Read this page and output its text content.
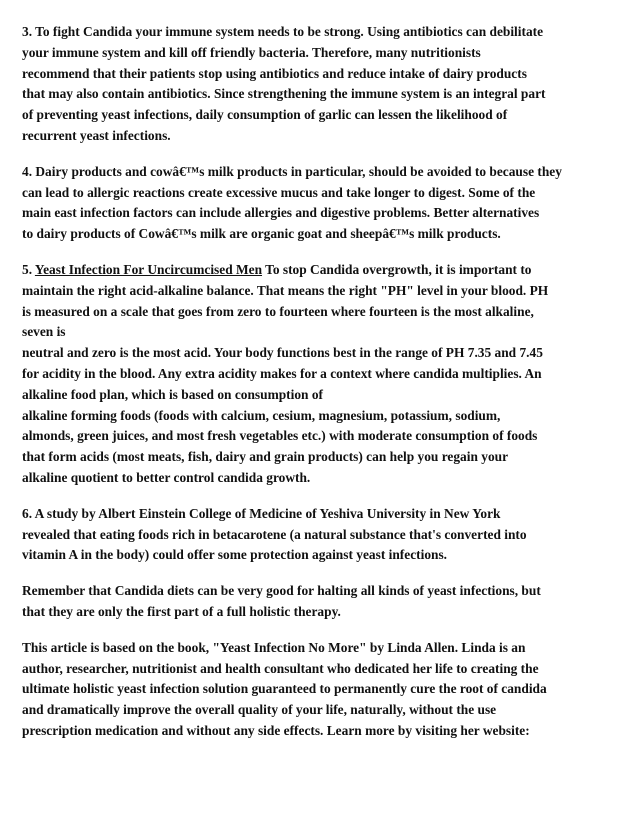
3. To fight Candida your immune system needs to be strong. Using antibiotics can debilitate
your immune system and kill off friendly bacteria. Therefore, many nutritionists
recommend that their patients stop using antibiotics and reduce intake of dairy products
that may also contain antibiotics. Since strengthening the immune system is an integral part
of preventing yeast infections, daily consumption of garlic can lessen the likelihood of
recurrent yeast infections.
4. Dairy products and cowâ€™s milk products in particular, should be avoided to because they
can lead to allergic reactions create excessive mucus and take longer to digest. Some of the
main east infection factors can include allergies and digestive problems. Better alternatives
to dairy products of Cowâ€™s milk are organic goat and sheepâ€™s milk products.
5. Yeast Infection For Uncircumcised Men To stop Candida overgrowth, it is important to
maintain the right acid-alkaline balance. That means the right "PH" level in your blood. PH
is measured on a scale that goes from zero to fourteen where fourteen is the most alkaline,
seven is
neutral and zero is the most acid. Your body functions best in the range of PH 7.35 and 7.45
for acidity in the blood. Any extra acidity makes for a context where candida multiplies. An
alkaline food plan, which is based on consumption of
alkaline forming foods (foods with calcium, cesium, magnesium, potassium, sodium,
almonds, green juices, and most fresh vegetables etc.) with moderate consumption of foods
that form acids (most meats, fish, dairy and grain products) can help you regain your
alkaline quotient to better control candida growth.
6. A study by Albert Einstein College of Medicine of Yeshiva University in New York
revealed that eating foods rich in betacarotene (a natural substance that's converted into
vitamin A in the body) could offer some protection against yeast infections.
Remember that Candida diets can be very good for halting all kinds of yeast infections, but
that they are only the first part of a full holistic therapy.
This article is based on the book, "Yeast Infection No More" by Linda Allen. Linda is an
author, researcher, nutritionist and health consultant who dedicated her life to creating the
ultimate holistic yeast infection solution guaranteed to permanently cure the root of candida
and dramatically improve the overall quality of your life, naturally, without the use
prescription medication and without any side effects. Learn more by visiting her website:
